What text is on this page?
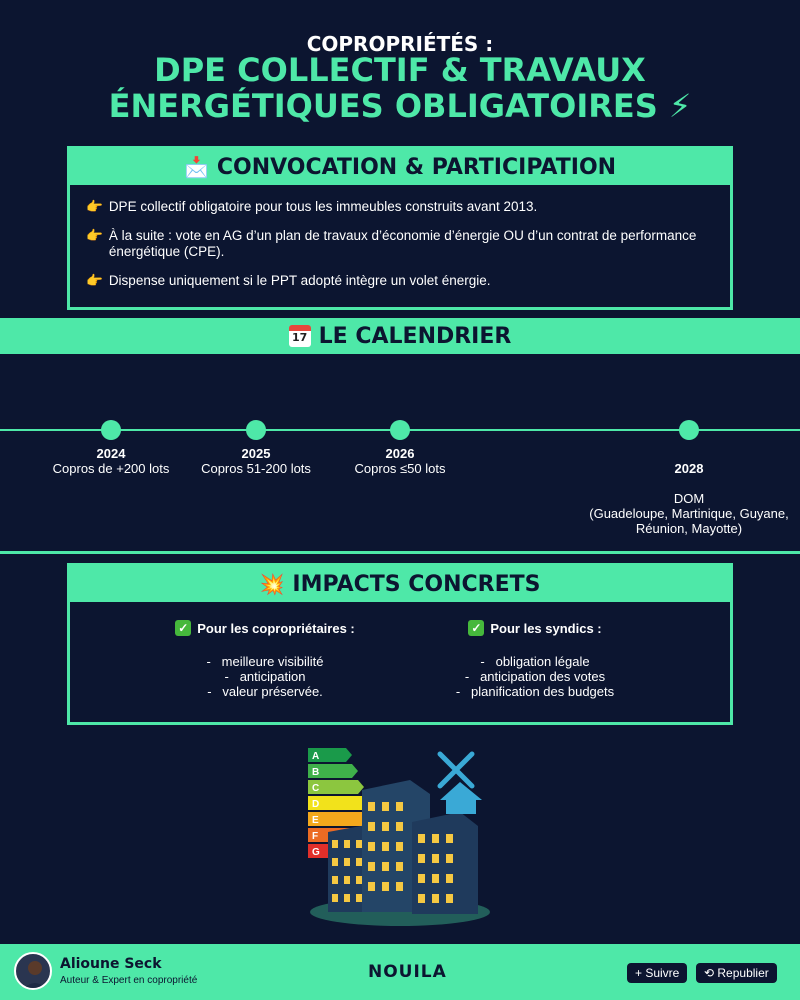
COPROPRIÉTÉS :
DPE COLLECTIF & TRAVAUX
ÉNERGÉTIQUES OBLIGATOIRES ⚡
📩 CONVOCATION & PARTICIPATION

👉 DPE collectif obligatoire pour tous les immeubles construits avant 2013.

👉 À la suite : vote en AG d’un plan de travaux d’économie d’énergie OU d’un contrat de performance énergétique (CPE).

👉 Dispense uniquement si le PPT adopté intègre un volet énergie.

17 LE CALENDRIER
2024
Copros de +200 lots
2025
Copros 51-200 lots
2026
Copros ≤50 lots	2028

DOM
(Guadeloupe, Martinique, Guyane, Réunion, Mayotte)

💥 IMPACTS CONCRETS
✓ Pour les copropriétaires :
-   meilleure visibilité
-   anticipation
-   valeur préservée.
✓ Pour les syndics :
-   obligation légale
-   anticipation des votes
-   planification des budgets
A
B
C
D
E
F
G
Alioune Seck
Auteur & Expert en copropriété	NOUILA	+ Suivre	⟲ Republier
